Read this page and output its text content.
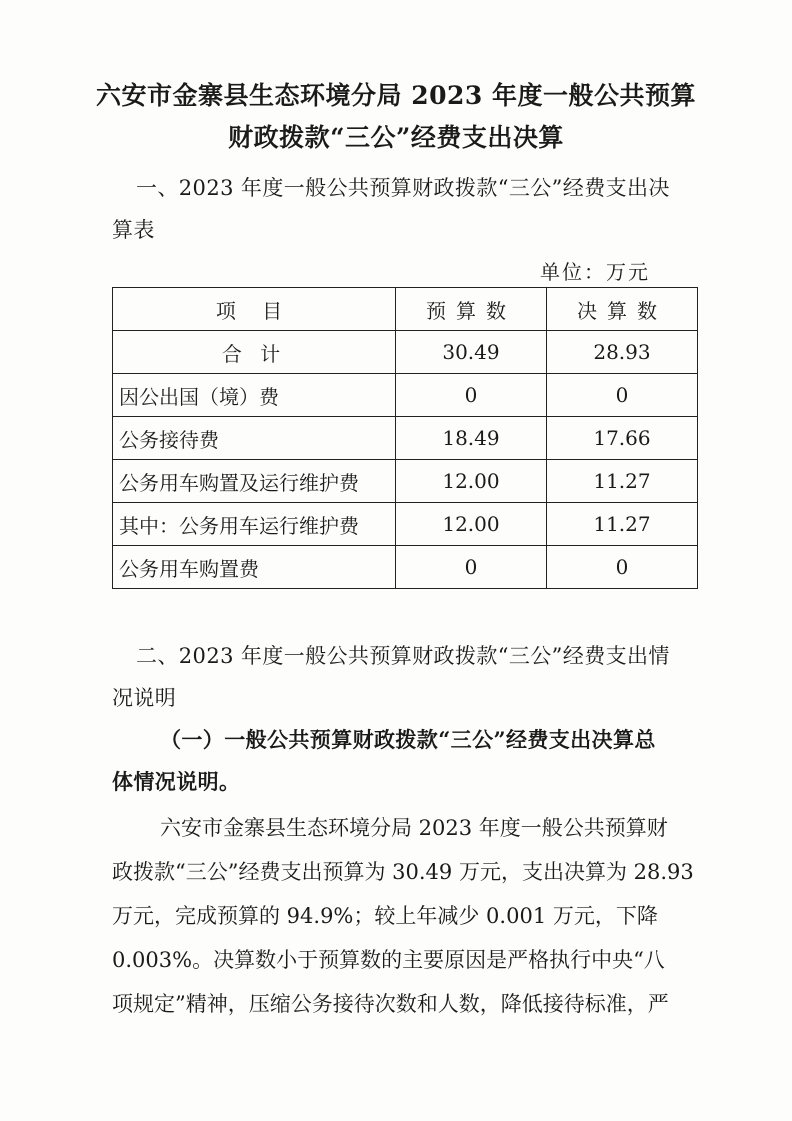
六安市金寨县生态环境分局 2023 年度一般公共预算
财政拨款“三公”经费支出决算
一、2023 年度一般公共预算财政拨款“三公”经费支出决
算表
单位：万元
项 目	预算数	决算数
合 计	30.49	28.93
因公出国（境）费	0	0
公务接待费	18.49	17.66
公务用车购置及运行维护费	12.00	11.27
其中：公务用车运行维护费	12.00	11.27
公务用车购置费	0	0
二、2023 年度一般公共预算财政拨款“三公”经费支出情
况说明
（一）一般公共预算财政拨款“三公”经费支出决算总
体情况说明。
六安市金寨县生态环境分局 2023 年度一般公共预算财
政拨款“三公”经费支出预算为 30.49 万元，支出决算为 28.93
万元，完成预算的 94.9%；较上年减少 0.001 万元，下降
0.003%。决算数小于预算数的主要原因是严格执行中央“八
项规定”精神，压缩公务接待次数和人数，降低接待标准，严
